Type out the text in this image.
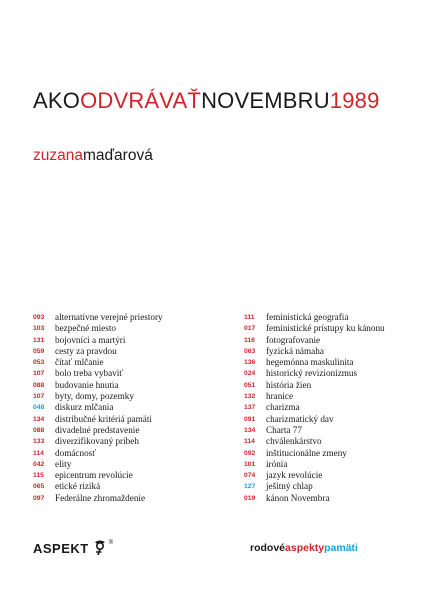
AKOODVRÁVAŤNOVEMBRU1989
zuzanamaďarová
093	alternatívne verejné priestory
103	bezpečné miesto
131	bojovníci a martýri
059	cesty za pravdou
053	čítať mlčanie
107	bolo treba vybaviť
088	budovanie hnutia
107	byty, domy, pozemky
048	diskurz mlčania
134	distribučné kritériá pamäti
088	divadelné predstavenie
133	diverzifikovaný príbeh
114	domácnosť
042	elity
115	epicentrum revolúcie
065	etické riziká
097	Federálne zhromaždenie
111	feministická geografia
017	feministické prístupy ku kánonu
116	fotografovanie
063	fyzická námaha
136	hegemónna maskulinita
024	historický revizionizmus
051	história žien
132	hranice
137	charizma
091	charizmatický dav
134	Charta 77
114	chválenkárstvo
092	inštitucionálne zmeny
101	irónia
074	jazyk revolúcie
127	ješitný chlap
019	kánon Novembra
ASPEKT	®	rodovéaspektypamäti
